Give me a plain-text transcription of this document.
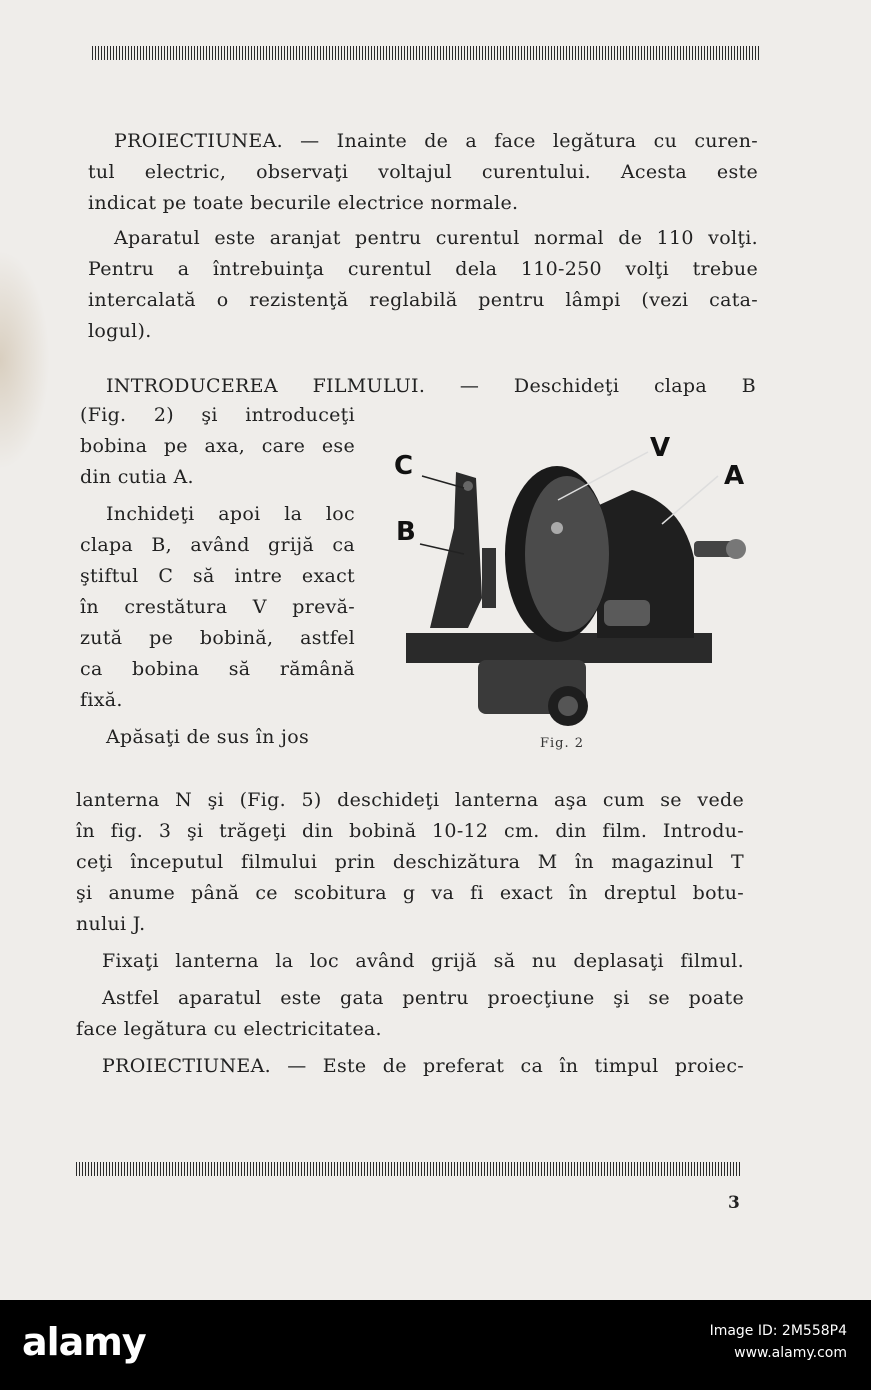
PROIECTIUNEA. — Inainte de a face legătura cu curen-

tul electric, observaţi voltajul curentului. Acesta este

indicat pe toate becurile electrice normale.

Aparatul este aranjat pentru curentul normal de 110 volţi.

Pentru a întrebuinţa curentul dela 110-250 volţi trebue

intercalată o rezistenţă reglabilă pentru lâmpi (vezi cata-

logul).

INTRODUCEREA FILMULUI. — Deschideţi clapa B

(Fig. 2) şi introduceţi

bobina pe axa, care ese

din cutia A.

Inchideţi apoi la loc

clapa B, având grijă ca

ştiftul C să intre exact

în crestătura V prevă-

zută pe bobină, astfel

ca bobina să rămână

fixă.

Apăsaţi de sus în jos

C
V
A
B
Fig. 2

lanterna N şi (Fig. 5) deschideţi lanterna aşa cum se vede

în fig. 3 şi trăgeţi din bobină 10-12 cm. din film. Introdu-

ceţi începutul filmului prin deschizătura M în magazinul T

şi anume până ce scobitura g va fi exact în dreptul botu-

nului J.

Fixaţi lanterna la loc având grijă să nu deplasaţi filmul.

Astfel aparatul este gata pentru proecţiune şi se poate

face legătura cu electricitatea.

PROIECTIUNEA. — Este de preferat ca în timpul proiec-

3
alamy	Image ID: 2M558P4
www.alamy.com
